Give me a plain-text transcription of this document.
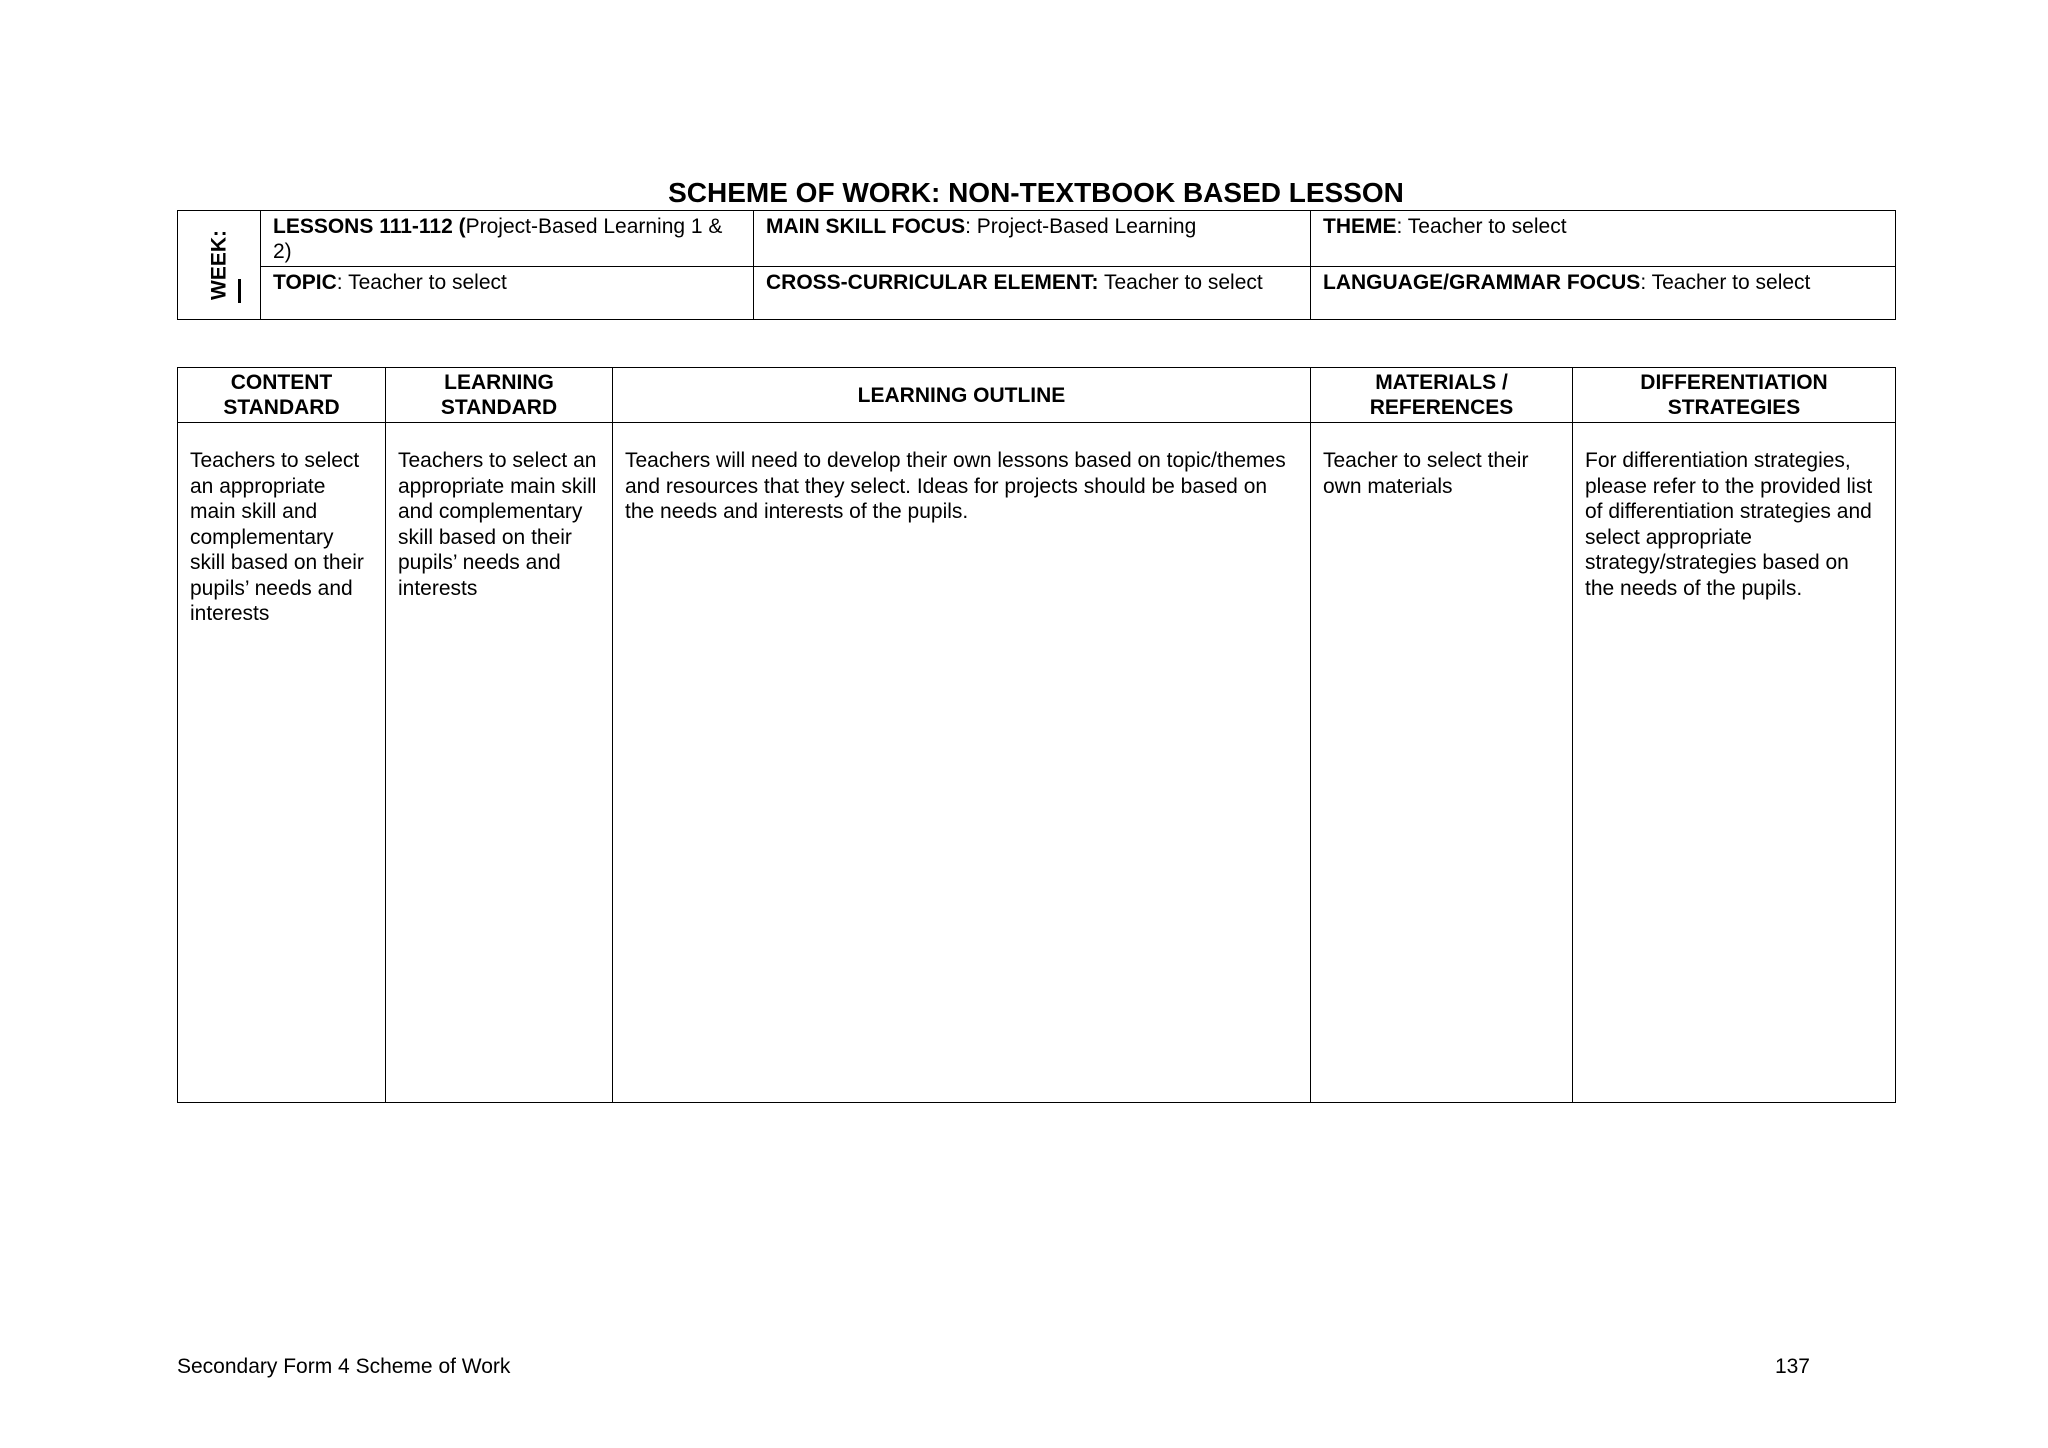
SCHEME OF WORK: NON-TEXTBOOK BASED LESSON
WEEK:	LESSONS 111-112 (Project-Based Learning 1 & 2)	MAIN SKILL FOCUS: Project-Based Learning	THEME: Teacher to select
	TOPIC: Teacher to select	CROSS-CURRICULAR ELEMENT: Teacher to select	LANGUAGE/GRAMMAR FOCUS: Teacher to select
CONTENT STANDARD	LEARNING STANDARD	LEARNING OUTLINE	MATERIALS / REFERENCES	DIFFERENTIATION STRATEGIES
Teachers to select an appropriate main skill and complementary skill based on their pupils’ needs and interests	Teachers to select an appropriate main skill and complementary skill based on their pupils’ needs and interests	Teachers will need to develop their own lessons based on topic/themes and resources that they select. Ideas for projects should be based on the needs and interests of the pupils.	Teacher to select their own materials	For differentiation strategies, please refer to the provided list of differentiation strategies and select appropriate strategy/strategies based on the needs of the pupils.
Secondary Form 4 Scheme of Work	137
